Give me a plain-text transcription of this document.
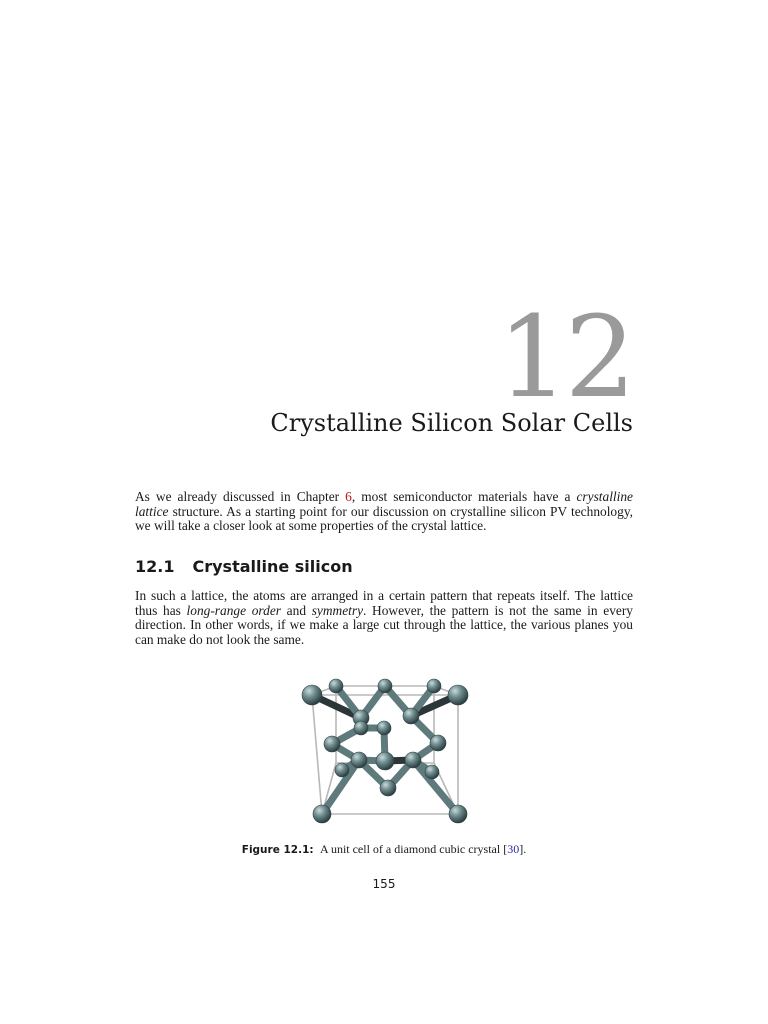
12
Crystalline Silicon Solar Cells

As we already discussed in Chapter 6, most semiconductor materials have a crystalline lattice structure. As a starting point for our discussion on crystalline silicon PV technology, we will take a closer look at some properties of the crystal lattice.

12.1 Crystalline silicon

In such a lattice, the atoms are arranged in a certain pattern that repeats itself. The lattice thus has long-range order and symmetry. However, the pattern is not the same in every direction. In other words, if we make a large cut through the lattice, the various planes you can make do not look the same.

Figure 12.1: A unit cell of a diamond cubic crystal [30].
155
